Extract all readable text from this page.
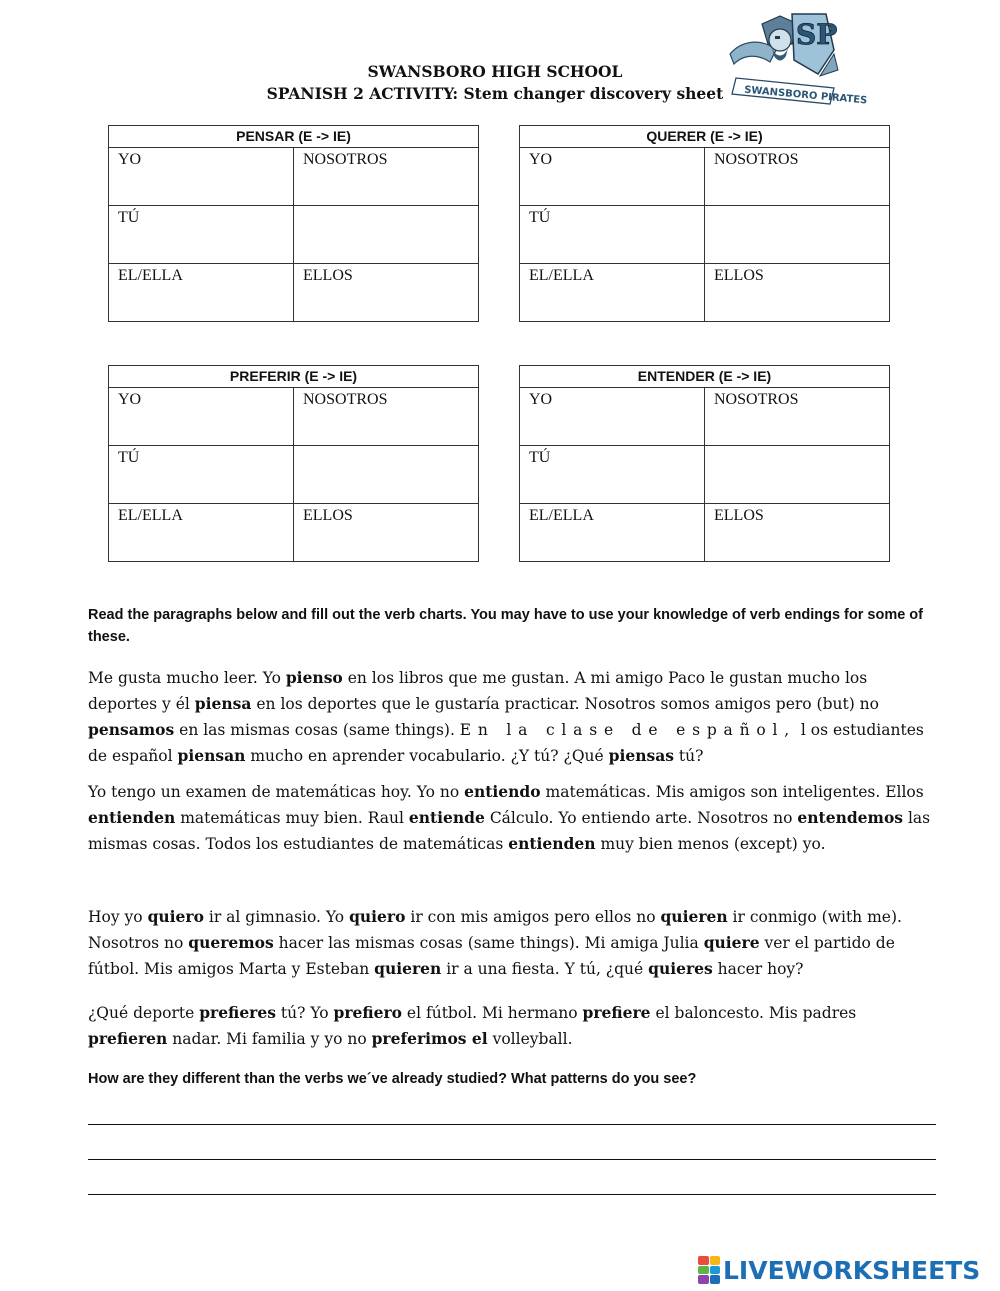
SWANSBORO HIGH SCHOOL
SPANISH 2 ACTIVITY: Stem changer discovery sheet
SP
SWANSBORO PIRATES
PENSAR (E -> IE)	

YO	NOSOTROS

TÚ	

EL/ELLA	ELLOS
QUERER (E -> IE)	

YO	NOSOTROS

TÚ	

EL/ELLA	ELLOS
PREFERIR (E -> IE)	

YO	NOSOTROS

TÚ	

EL/ELLA	ELLOS
ENTENDER (E -> IE)	

YO	NOSOTROS

TÚ	

EL/ELLA	ELLOS
Read the paragraphs below and fill out the verb charts. You may have to use your knowledge of verb endings for some of these.
Me gusta mucho leer. Yo pienso en los libros que me gustan. A mi amigo Paco le gustan mucho los deportes y él piensa en los deportes que le gustaría practicar. Nosotros somos amigos pero (but) no pensamos en las mismas cosas (same things). En la clase de español, l os estudiantes de español piensan mucho en aprender vocabulario. ¿Y tú? ¿Qué piensas tú?
Yo tengo un examen de matemáticas hoy. Yo no entiendo matemáticas. Mis amigos son inteligentes. Ellos entienden matemáticas muy bien. Raul entiende Cálculo. Yo entiendo arte. Nosotros no entendemos las mismas cosas. Todos los estudiantes de matemáticas entienden muy bien menos (except) yo.
Hoy yo quiero ir al gimnasio. Yo quiero ir con mis amigos pero ellos no quieren ir conmigo (with me). Nosotros no queremos hacer las mismas cosas (same things). Mi amiga Julia quiere ver el partido de fútbol. Mis amigos Marta y Esteban quieren ir a una fiesta. Y tú, ¿qué quieres hacer hoy?
¿Qué deporte prefieres tú? Yo prefiero el fútbol. Mi hermano prefiere el baloncesto. Mis padres prefieren nadar. Mi familia y yo no preferimos el volleyball.
How are they different than the verbs we´ve already studied? What patterns do you see?
LIVEWORKSHEETS
